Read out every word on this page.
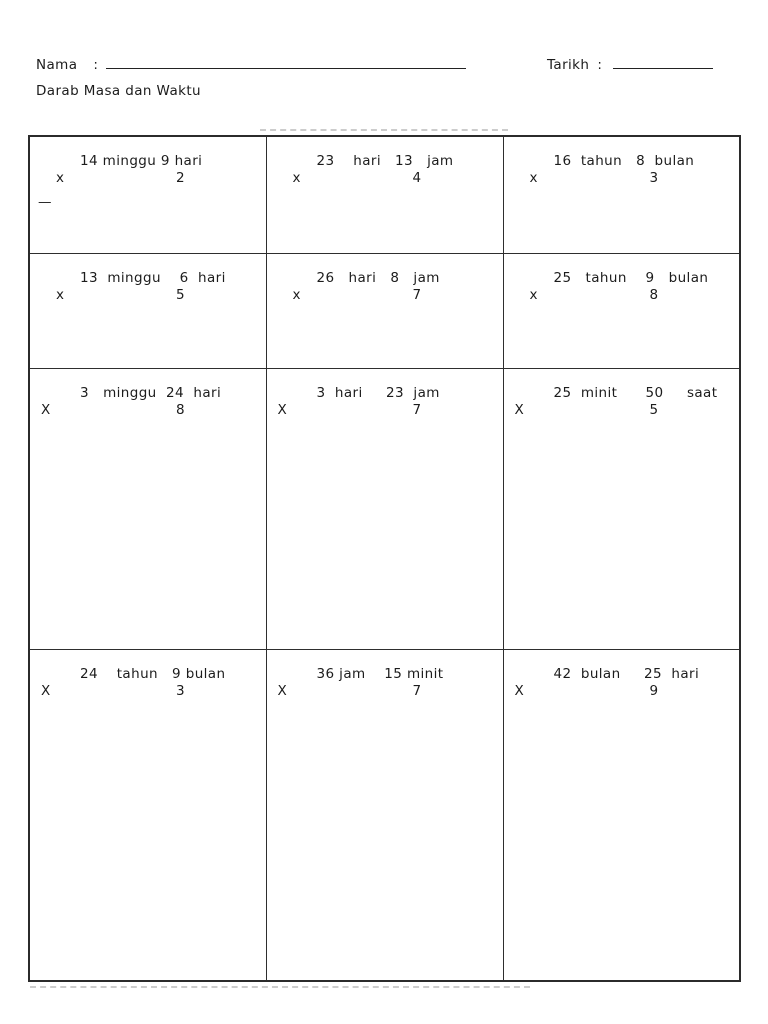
Nama :	Tarikh :
Darab Masa dan Waktu
14 minggu 9 hari
x	2
—

23    hari   13   jam
x	4

16  tahun   8  bulan
x	3

13  minggu    6  hari
x	5

26   hari   8   jam
x	7

25   tahun    9   bulan
x	8

3   minggu  24  hari
X	8

3  hari     23  jam
X	7

25  minit      50     saat
X	5

24    tahun   9 bulan
X	3

36 jam    15 minit
X	7

42  bulan     25  hari
X	9
